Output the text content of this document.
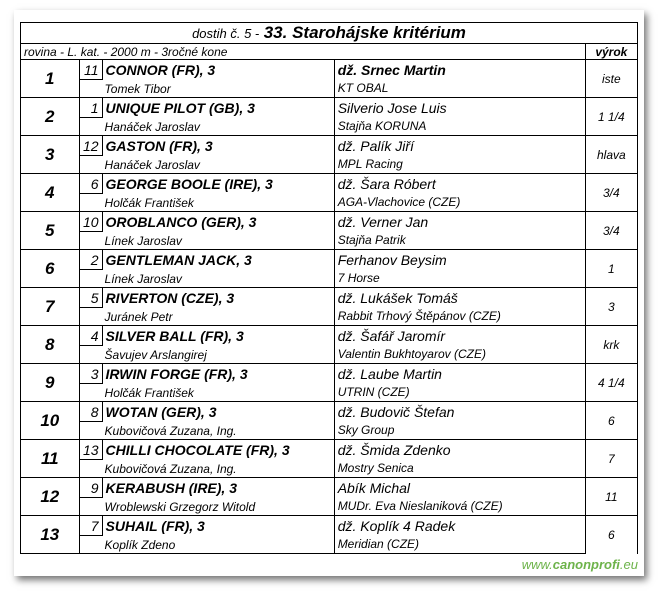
dostih č. 5 - 33. Starohájske kritérium				
rovina - L. kat. - 2000 m - 3ročné kone				výrok
1	11	CONNOR (FR), 3	dž. Srnec Martin	iste
	Tomek Tibor		KT OBAL	
2	1	UNIQUE PILOT (GB), 3	Silverio Jose Luis	1 1/4
	Hanáček Jaroslav		Stajňa KORUNA	
3	12	GASTON (FR), 3	dž. Palík Jiří	hlava
	Hanáček Jaroslav		MPL Racing	
4	6	GEORGE BOOLE (IRE), 3	dž. Šara Róbert	3/4
	Holčák František		AGA-Vlachovice (CZE)	
5	10	OROBLANCO (GER), 3	dž. Verner Jan	3/4
	Línek Jaroslav		Stajňa Patrik	
6	2	GENTLEMAN JACK, 3	Ferhanov Beysim	1
	Línek Jaroslav		7 Horse	
7	5	RIVERTON (CZE), 3	dž. Lukášek Tomáš	3
	Juránek Petr		Rabbit Trhový Štěpánov (CZE)	
8	4	SILVER BALL (FR), 3	dž. Šafář Jaromír	krk
	Šavujev Arslangirej		Valentin Bukhtoyarov (CZE)	
9	3	IRWIN FORGE (FR), 3	dž. Laube Martin	4 1/4
	Holčák František		UTRIN (CZE)	
10	8	WOTAN (GER), 3	dž. Budovič Štefan	6
	Kubovičová Zuzana, Ing.		Sky Group	
11	13	CHILLI CHOCOLATE (FR), 3	dž. Šmida Zdenko	7
	Kubovičová Zuzana, Ing.		Mostry Senica	
12	9	KERABUSH (IRE), 3	Abík Michal	11
	Wroblewski Grzegorz Witold		MUDr. Eva Nieslaniková (CZE)	
13	7	SUHAIL (FR), 3	dž. Koplík 4 Radek	6
	Koplík Zdeno		Meridian (CZE)	
www.canonprofi.eu
